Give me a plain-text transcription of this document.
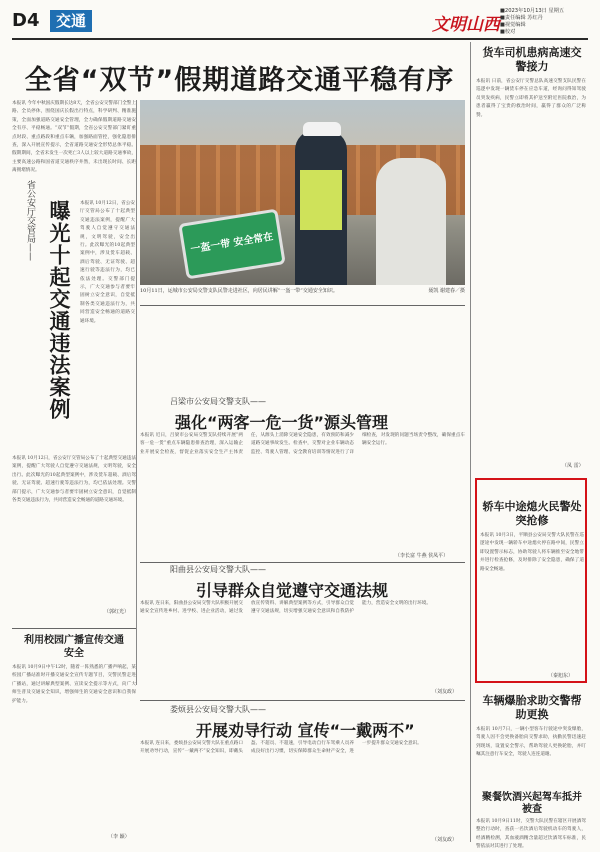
D4	交通	文明山西
■2023年10月13日 星期五
■责任编辑 苏红丹
■视觉编辑
■校对
全省“双节”假期道路交通平稳有序
本报讯 今年中秋国庆假期长达8天，全省公安交警部门全警上路、全员停休，围绕国庆长假出行特点，科学研判、精准施策，全面加强道路交通安全管理，全力确保假期道路交通安全有序、平稳畅通。“双节”假期，全省公安交警部门紧盯重点时段、重点路段和重点车辆，加强路面管控，强化隐患排查，深入开展宣传提示，全省道路交通安全形势总体平稳。假期期间，全省未发生一次死亡3人以上较大道路交通事故，主要高速公路和国省道交通秩序井然，未出现长时间、长距离拥堵情况。
省公安厅交管局—— 曝光十起交通违法案例	本报讯 10月12日，省公安厅交管局公布了十起典型交通违法案例，提醒广大驾驶人自觉遵守交通法规，文明驾驶，安全出行。此次曝光的10起典型案例中，涉及货车超载、酒后驾驶、无证驾驶、超速行驶等违法行为，均已依法处理。交警部门提示，广大交通参与者要牢固树立安全意识，自觉抵制各类交通违法行为，共同营造安全畅通的道路交通环境。
本报讯 10月12日，省公安厅交管局公布了十起典型交通违法案例，提醒广大驾驶人自觉遵守交通法规，文明驾驶，安全出行。此次曝光的10起典型案例中，涉及货车超载、酒后驾驶、无证驾驶、超速行驶等违法行为，均已依法处理。交警部门提示，广大交通参与者要牢固树立安全意识，自觉抵制各类交通违法行为，共同营造安全畅通的道路交通环境。
（郭红光）
一盔一带 安全常在
10月11日，运城市公安局交警支队民警走进社区，向居民讲解“一盔一带”交通安全知识。	聂凯 谢建春／摄
吕梁市公安局交警支队——
强化“两客一危一货”源头管理
本报讯 近日，吕梁市公安局交警支队持续开展“两客一危一货”重点车辆隐患排查治理，深入运输企业开展安全检查，督促企业落实安全生产主体责任，从源头上消除交通安全隐患，有效预防和减少道路交通事故发生。检查中，交警对企业车辆动态监控、驾驶人管理、安全教育培训等情况进行了详细检查，对发现的问题当场责令整改，确保重点车辆安全运行。
（李长富 牛燕 侯凤平）
阳曲县公安局交警大队——
引导群众自觉遵守交通法规
本报讯 连日来，阳曲县公安局交警大队积极开展交通安全宣传进乡村、进学校、进企业活动，通过发放宣传资料、讲解典型案例等方式，引导群众自觉遵守交通法规，切实增强交通安全意识和自我防护能力，营造安全文明的出行环境。
（刘友政）
娄烦县公安局交警大队——
开展劝导行动 宣传“一戴两不”
本报讯 连日来，娄烦县公安局交警大队在重点路口开展劝导行动，宣传“一戴两不”安全知识，即戴头盔、不超员、不超速，引导电动自行车驾乘人员养成良好出行习惯，切实保障群众生命财产安全，进一步提升群众交通安全意识。
（刘友政）
利用校园广播宣传交通安全
本报讯 10月9日中午12时，随着一阵熟悉的广播声响起，某校园广播站准时开播交通安全宣传专题节目，交警民警走进广播站，通过讲解典型案例、宣读安全提示等方式，向广大师生普及交通安全知识，增强师生的交通安全意识和自我保护能力。
（李 颖）
货车司机患病高速交警接力
本报讯 日前，省公安厅交警总队高速交警支队民警在巡逻中发现一辆货车停在应急车道，经询问得知驾驶员突发疾病，民警立即将其护送至附近医院救治，为患者赢得了宝贵的救治时间，赢得了群众的广泛称赞。
（凤 雷）
轿车中途熄火民警处突抢修
本报讯 10月3日，平顺县公安局交警大队民警在巡逻途中发现一辆轿车中途熄火停在路中间，民警立即设置警示标志，协助驾驶人将车辆推至安全地带并进行检查抢修，及时排除了安全隐患，确保了道路安全畅通。
（秦旭东）
车辆爆胎求助交警帮助更换
本报讯 10月7日，一辆小型客车行驶途中突发爆胎，驾驶人因不会更换备胎向交警求助，执勤民警迅速赶到现场，设置安全警示，帮助驾驶人更换轮胎，并叮嘱其注意行车安全，驾驶人连连道谢。
聚餐饮酒兴起驾车抵并被查
本报讯 10月9日11时，交警大队民警在辖区开展酒驾整治行动时，查获一名饮酒后驾驶机动车的驾驶人，经酒精检测，其血液酒精含量超过饮酒驾车标准，民警依法对其进行了处理。
